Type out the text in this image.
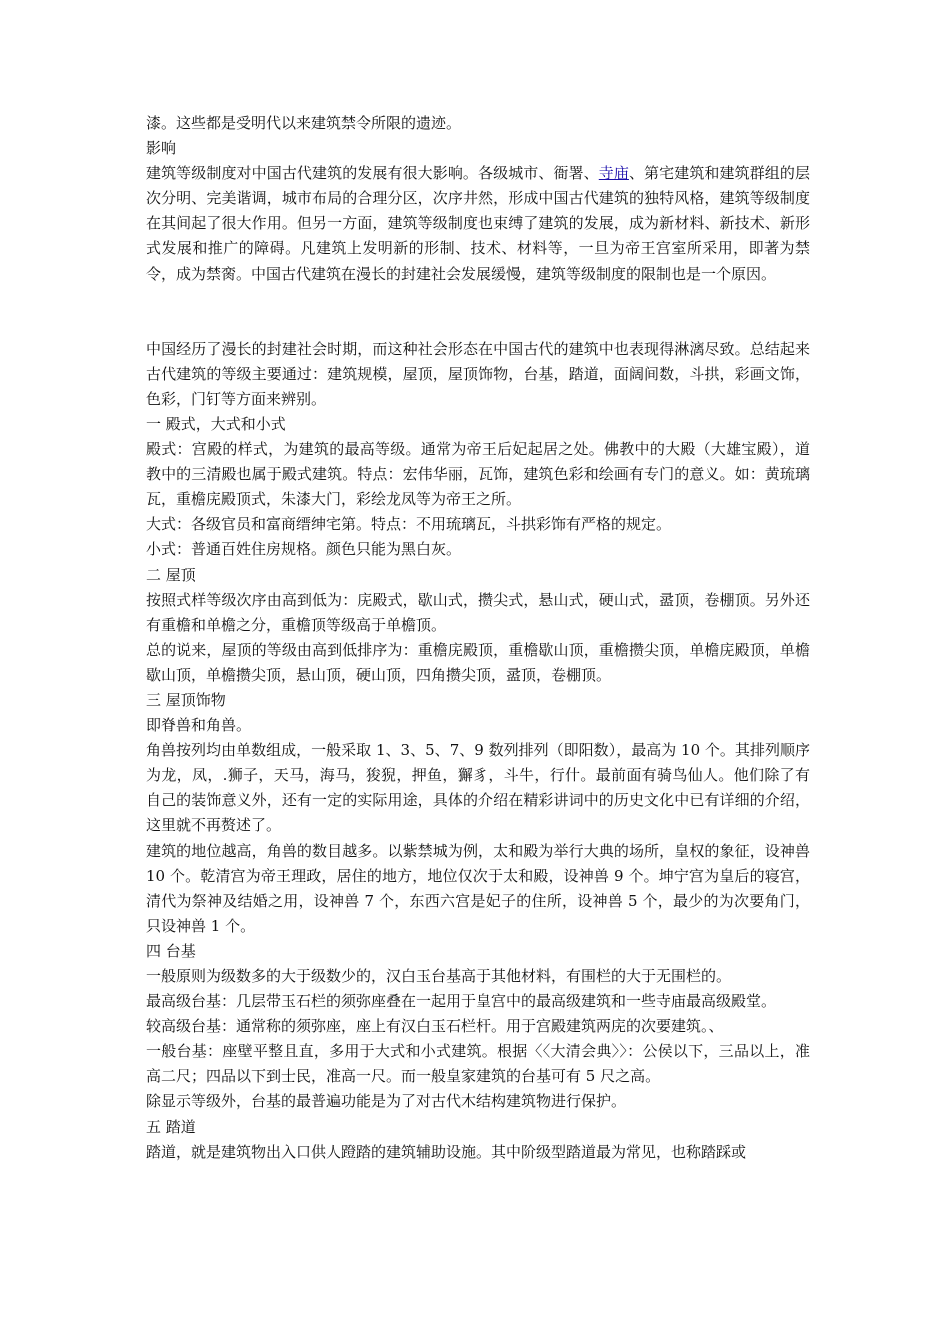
漆。这些都是受明代以来建筑禁令所限的遗迹。

影响

建筑等级制度对中国古代建筑的发展有很大影响。各级城市、衙署、寺庙、第宅建筑和建筑群组的层次分明、完美谐调，城市布局的合理分区，次序井然，形成中国古代建筑的独特风格，建筑等级制度在其间起了很大作用。但另一方面，建筑等级制度也束缚了建筑的发展，成为新材料、新技术、新形式发展和推广的障碍。凡建筑上发明新的形制、技术、材料等，一旦为帝王宫室所采用，即著为禁令，成为禁脔。中国古代建筑在漫长的封建社会发展缓慢，建筑等级制度的限制也是一个原因。

中国经历了漫长的封建社会时期，而这种社会形态在中国古代的建筑中也表现得淋漓尽致。总结起来古代建筑的等级主要通过：建筑规模，屋顶，屋顶饰物，台基，踏道，面阔间数，斗拱，彩画文饰，色彩，门钉等方面来辨别。

一 殿式，大式和小式

殿式：宫殿的样式，为建筑的最高等级。通常为帝王后妃起居之处。佛教中的大殿（大雄宝殿），道教中的三清殿也属于殿式建筑。特点：宏伟华丽，瓦饰，建筑色彩和绘画有专门的意义。如：黄琉璃瓦，重檐庑殿顶式，朱漆大门，彩绘龙凤等为帝王之所。

大式：各级官员和富商缙绅宅第。特点：不用琉璃瓦，斗拱彩饰有严格的规定。

小式：普通百姓住房规格。颜色只能为黑白灰。

二 屋顶

按照式样等级次序由高到低为：庑殿式，歇山式，攒尖式，悬山式，硬山式，盝顶，卷棚顶。另外还有重檐和单檐之分，重檐顶等级高于单檐顶。

总的说来，屋顶的等级由高到低排序为：重檐庑殿顶，重檐歇山顶，重檐攒尖顶，单檐庑殿顶，单檐歇山顶，单檐攒尖顶，悬山顶，硬山顶，四角攒尖顶，盝顶，卷棚顶。

三 屋顶饰物

即脊兽和角兽。

角兽按列均由单数组成，一般采取 1、3、5、7、9 数列排列（即阳数），最高为 10 个。其排列顺序为龙，凤，.狮子，天马，海马，狻猊，押鱼，獬豸，斗牛，行什。最前面有骑鸟仙人。他们除了有自己的装饰意义外，还有一定的实际用途，具体的介绍在精彩讲词中的历史文化中已有详细的介绍，这里就不再赘述了。

建筑的地位越高，角兽的数目越多。以紫禁城为例，太和殿为举行大典的场所，皇权的象征，设神兽 10 个。乾清宫为帝王理政，居住的地方，地位仅次于太和殿，设神兽 9 个。坤宁宫为皇后的寝宫，清代为祭神及结婚之用，设神兽 7 个，东西六宫是妃子的住所，设神兽 5 个，最少的为次要角门，只设神兽 1 个。

四 台基

一般原则为级数多的大于级数少的，汉白玉台基高于其他材料，有围栏的大于无围栏的。

最高级台基：几层带玉石栏的须弥座叠在一起用于皇宫中的最高级建筑和一些寺庙最高级殿堂。

较高级台基：通常称的须弥座，座上有汉白玉石栏杆。用于宫殿建筑两庑的次要建筑。、

一般台基：座壁平整且直，多用于大式和小式建筑。根据〈〈大清会典〉〉：公侯以下，三品以上，准高二尺；四品以下到士民，准高一尺。而一般皇家建筑的台基可有 5 尺之高。

除显示等级外，台基的最普遍功能是为了对古代木结构建筑物进行保护。

五 踏道

踏道，就是建筑物出入口供人蹬踏的建筑辅助设施。其中阶级型踏道最为常见，也称踏踩或
